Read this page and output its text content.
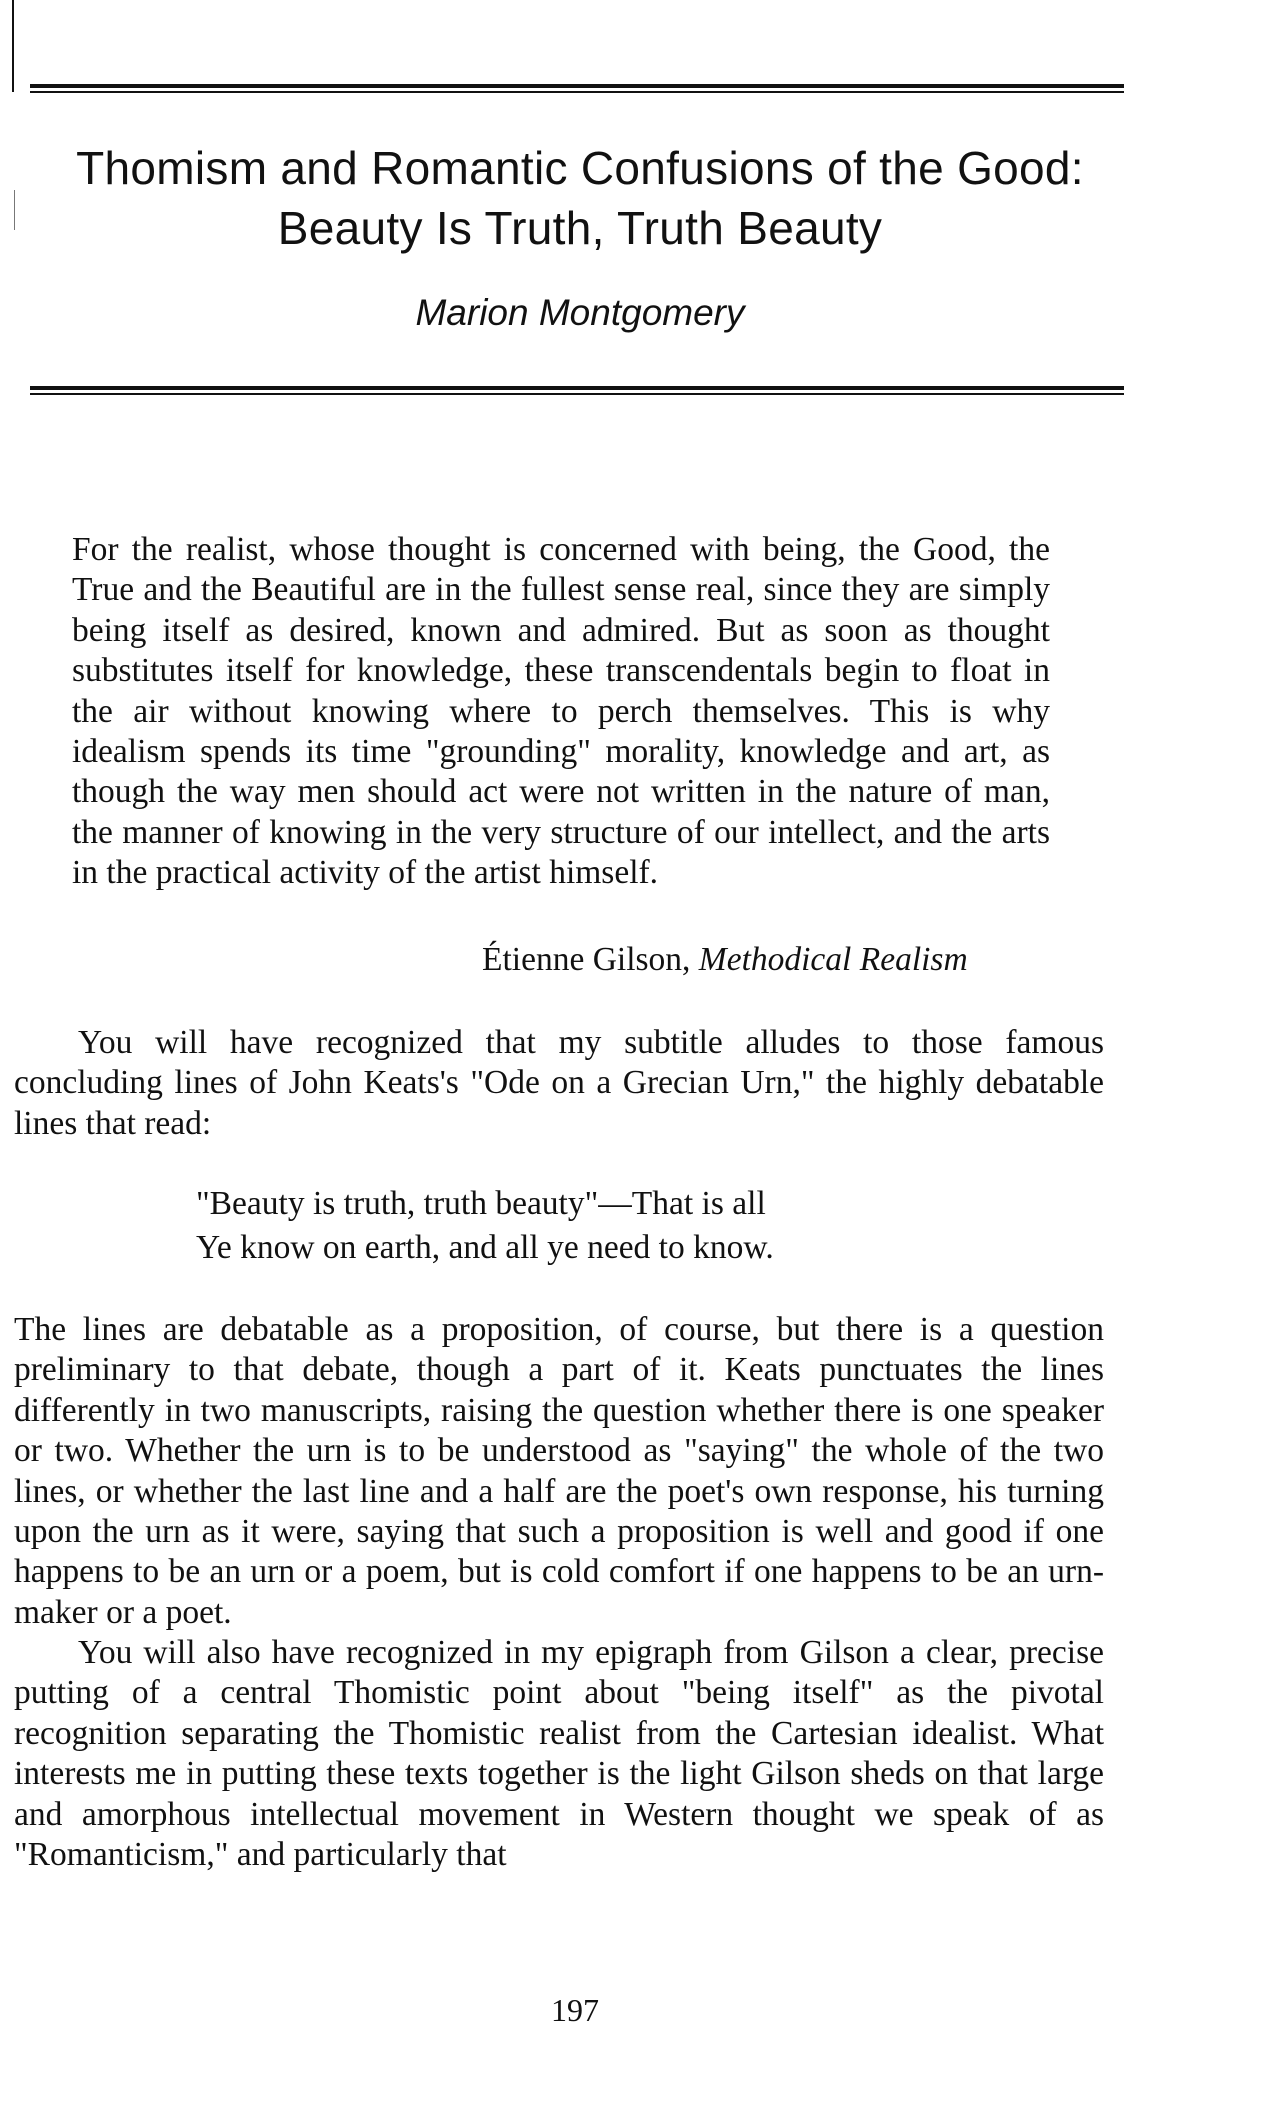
Thomism and Romantic Confusions of the Good:
Beauty Is Truth, Truth Beauty
Marion Montgomery
For the realist, whose thought is concerned with being, the Good, the True and the Beautiful are in the fullest sense real, since they are simply being itself as desired, known and admired. But as soon as thought substitutes itself for knowledge, these transcendentals begin to float in the air without knowing where to perch themselves. This is why idealism spends its time "grounding" morality, knowledge and art, as though the way men should act were not written in the nature of man, the manner of knowing in the very structure of our intellect, and the arts in the practical activity of the artist himself.
Étienne Gilson, Methodical Realism
You will have recognized that my subtitle alludes to those famous concluding lines of John Keats's "Ode on a Grecian Urn," the highly debatable lines that read:
"Beauty is truth, truth beauty"—That is all
Ye know on earth, and all ye need to know.
The lines are debatable as a proposition, of course, but there is a question preliminary to that debate, though a part of it. Keats punctuates the lines differently in two manuscripts, raising the question whether there is one speaker or two. Whether the urn is to be understood as "saying" the whole of the two lines, or whether the last line and a half are the poet's own response, his turning upon the urn as it were, saying that such a proposition is well and good if one happens to be an urn or a poem, but is cold comfort if one happens to be an urn-maker or a poet.
You will also have recognized in my epigraph from Gilson a clear, precise putting of a central Thomistic point about "being itself" as the pivotal recognition separating the Thomistic realist from the Cartesian idealist. What interests me in putting these texts together is the light Gilson sheds on that large and amorphous intellectual movement in Western thought we speak of as "Romanticism," and particularly that
197
